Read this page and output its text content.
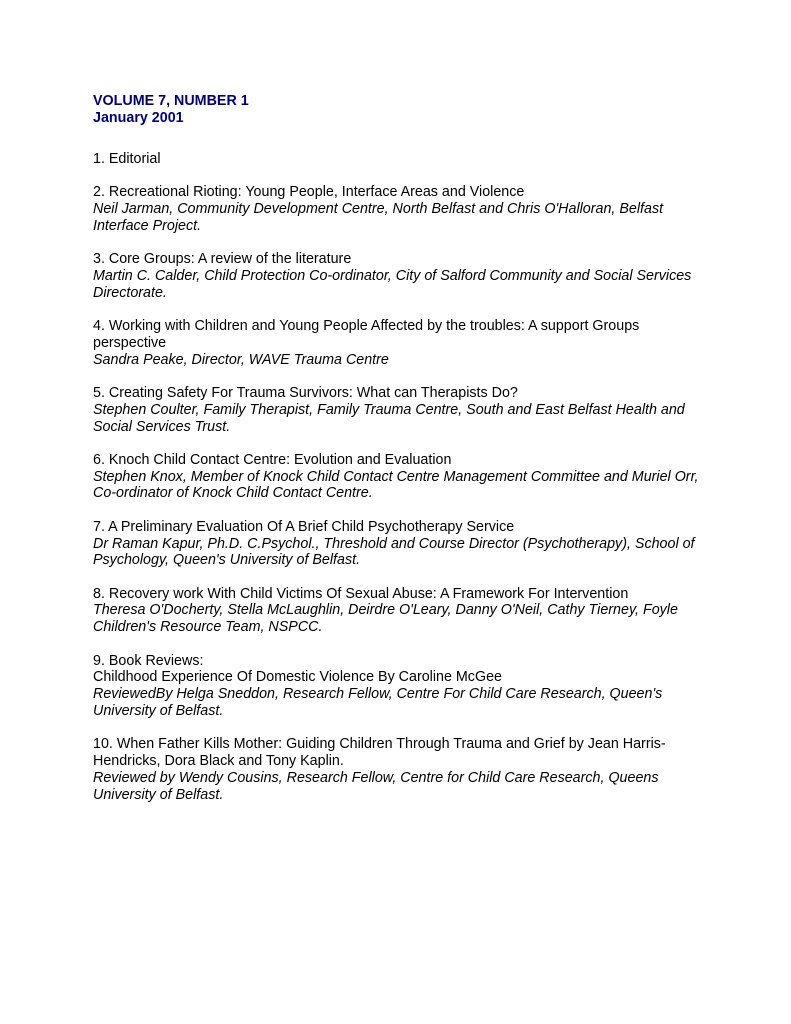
VOLUME 7, NUMBER 1
January 2001
1. Editorial
2. Recreational Rioting: Young People, Interface Areas and Violence
Neil Jarman, Community Development Centre, North Belfast and Chris O'Halloran, Belfast
Interface Project.
3. Core Groups: A review of the literature
Martin C. Calder, Child Protection Co-ordinator, City of Salford Community and Social Services
Directorate.
4. Working with Children and Young People Affected by the troubles: A support Groups
perspective
Sandra Peake, Director, WAVE Trauma Centre
5. Creating Safety For Trauma Survivors: What can Therapists Do?
Stephen Coulter, Family Therapist, Family Trauma Centre, South and East Belfast Health and
Social Services Trust.
6. Knoch Child Contact Centre: Evolution and Evaluation
Stephen Knox, Member of Knock Child Contact Centre Management Committee and Muriel Orr,
Co-ordinator of Knock Child Contact Centre.
7. A Preliminary Evaluation Of A Brief Child Psychotherapy Service
Dr Raman Kapur, Ph.D. C.Psychol., Threshold and Course Director (Psychotherapy), School of
Psychology, Queen's University of Belfast.
8. Recovery work With Child Victims Of Sexual Abuse: A Framework For Intervention
Theresa O'Docherty, Stella McLaughlin, Deirdre O'Leary, Danny O'Neil, Cathy Tierney, Foyle
Children's Resource Team, NSPCC.
9. Book Reviews:
Childhood Experience Of Domestic Violence By Caroline McGee
ReviewedBy Helga Sneddon, Research Fellow, Centre For Child Care Research, Queen's
University of Belfast.
10. When Father Kills Mother: Guiding Children Through Trauma and Grief by Jean Harris-
Hendricks, Dora Black and Tony Kaplin.
Reviewed by Wendy Cousins, Research Fellow, Centre for Child Care Research, Queens
University of Belfast.
